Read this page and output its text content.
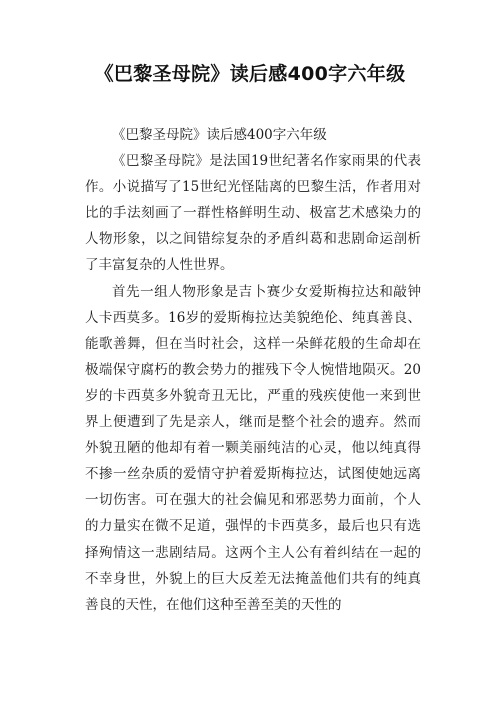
《巴黎圣母院》读后感400字六年级

《巴黎圣母院》读后感400字六年级

《巴黎圣母院》是法国19世纪著名作家雨果的代表作。小说描写了15世纪光怪陆离的巴黎生活，作者用对比的手法刻画了一群性格鲜明生动、极富艺术感染力的人物形象，以之间错综复杂的矛盾纠葛和悲剧命运剖析了丰富复杂的人性世界。

首先一组人物形象是吉卜赛少女爱斯梅拉达和敲钟人卡西莫多。16岁的爱斯梅拉达美貌绝伦、纯真善良、能歌善舞，但在当时社会，这样一朵鲜花般的生命却在极端保守腐朽的教会势力的摧残下令人惋惜地陨灭。20岁的卡西莫多外貌奇丑无比，严重的残疾使他一来到世界上便遭到了先是亲人，继而是整个社会的遗弃。然而外貌丑陋的他却有着一颗美丽纯洁的心灵，他以纯真得不掺一丝杂质的爱情守护着爱斯梅拉达，试图使她远离一切伤害。可在强大的社会偏见和邪恶势力面前，个人的力量实在微不足道，强悍的卡西莫多，最后也只有选择殉情这一悲剧结局。这两个主人公有着纠结在一起的不幸身世，外貌上的巨大反差无法掩盖他们共有的纯真善良的天性，在他们这种至善至美的天性的
